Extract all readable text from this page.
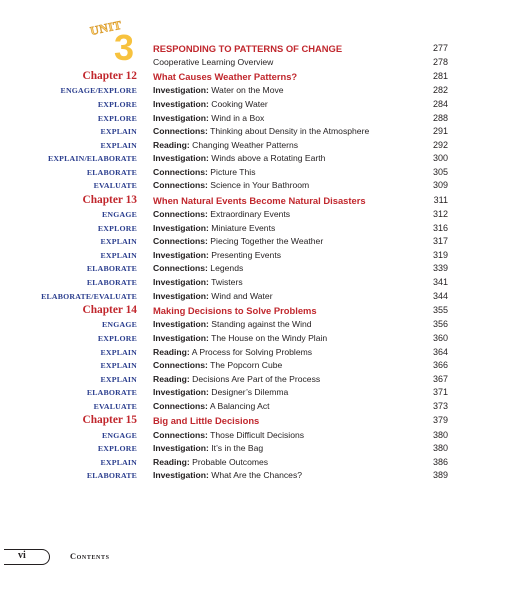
UNIT
3 RESPONDING TO PATTERNS OF CHANGE	277
Cooperative Learning Overview	278
Chapter 12 What Causes Weather Patterns?	281
ENGAGE/EXPLORE Investigation: Water on the Move	282
EXPLORE Investigation: Cooking Water	284
EXPLORE Investigation: Wind in a Box	288
EXPLAIN Connections: Thinking about Density in the Atmosphere	291
EXPLAIN Reading: Changing Weather Patterns	292
EXPLAIN/ELABORATE Investigation: Winds above a Rotating Earth	300
ELABORATE Connections: Picture This	305
EVALUATE Connections: Science in Your Bathroom	309
Chapter 13 When Natural Events Become Natural Disasters	311
ENGAGE Connections: Extraordinary Events	312
EXPLORE Investigation: Miniature Events	316
EXPLAIN Connections: Piecing Together the Weather	317
EXPLAIN Investigation: Presenting Events	319
ELABORATE Connections: Legends	339
ELABORATE Investigation: Twisters	341
ELABORATE/EVALUATE Investigation: Wind and Water	344
Chapter 14 Making Decisions to Solve Problems	355
ENGAGE Investigation: Standing against the Wind	356
EXPLORE Investigation: The House on the Windy Plain	360
EXPLAIN Reading: A Process for Solving Problems	364
EXPLAIN Connections: The Popcorn Cube	366
EXPLAIN Reading: Decisions Are Part of the Process	367
ELABORATE Investigation: Designer’s Dilemma	371
EVALUATE Connections: A Balancing Act	373
Chapter 15 Big and Little Decisions	379
ENGAGE Connections: Those Difficult Decisions	380
EXPLORE Investigation: It’s in the Bag	380
EXPLAIN Reading: Probable Outcomes	386
ELABORATE Investigation: What Are the Chances?	389
vi	Contents
